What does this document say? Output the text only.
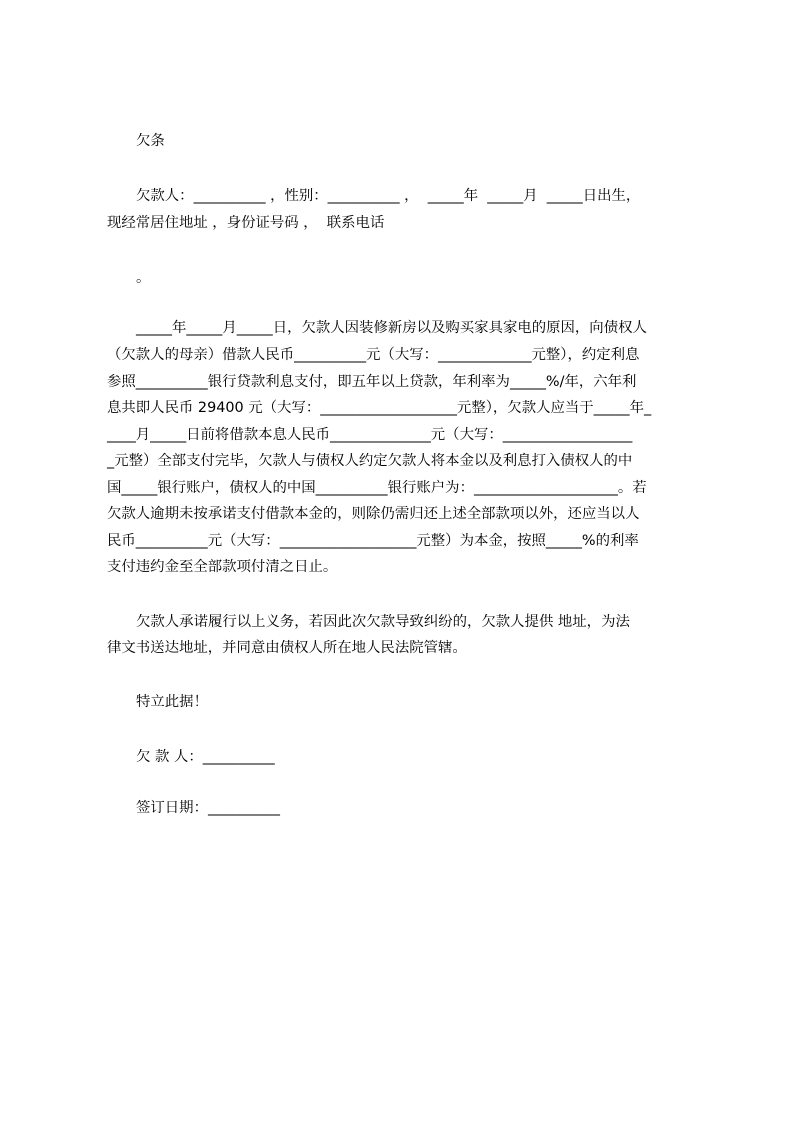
欠条
欠款人：__________ ，性别：__________ ，  _____年  _____月  _____日出生，
现经常居住地址 ，身份证号码 ，  联系电话
。
_____年_____月_____日，欠款人因装修新房以及购买家具家电的原因，向债权人
（欠款人的母亲）借款人民币__________元（大写：_____________元整），约定利息
参照__________银行贷款利息支付，即五年以上贷款，年利率为_____%/年，六年利
息共即人民币 29400 元（大写：___________________元整），欠款人应当于_____年_
____月_____日前将借款本息人民币______________元（大写：__________________
_元整）全部支付完毕，欠款人与债权人约定欠款人将本金以及利息打入债权人的中
国_____银行账户，债权人的中国__________银行账户为：____________________。若
欠款人逾期未按承诺支付借款本金的，则除仍需归还上述全部款项以外，还应当以人
民币__________元（大写：___________________元整）为本金，按照_____%的利率
支付违约金至全部款项付清之日止。
欠款人承诺履行以上义务，若因此次欠款导致纠纷的，欠款人提供 地址，为法
律文书送达地址，并同意由债权人所在地人民法院管辖。
特立此据！
欠 款 人：__________
签订日期：__________
